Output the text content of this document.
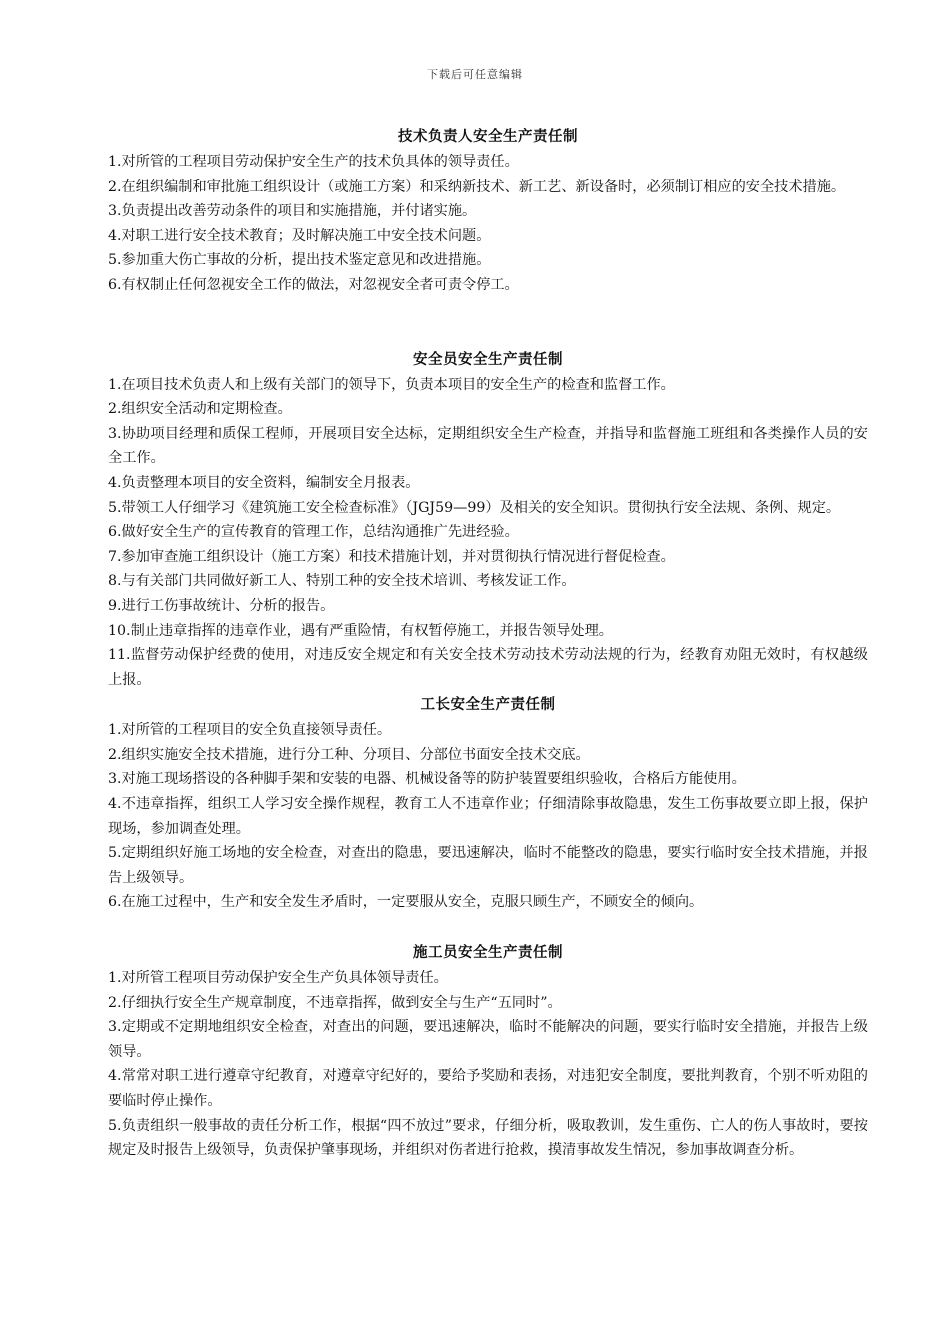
下载后可任意编辑
技术负责人安全生产责任制

1.对所管的工程项目劳动保护安全生产的技术负具体的领导责任。

2.在组织编制和审批施工组织设计（或施工方案）和采纳新技术、新工艺、新设备时，必须制订相应的安全技术措施。

3.负责提出改善劳动条件的项目和实施措施，并付诸实施。

4.对职工进行安全技术教育；及时解决施工中安全技术问题。

5.参加重大伤亡事故的分析，提出技术鉴定意见和改进措施。

6.有权制止任何忽视安全工作的做法，对忽视安全者可责令停工。

安全员安全生产责任制

1.在项目技术负责人和上级有关部门的领导下，负责本项目的安全生产的检查和监督工作。

2.组织安全活动和定期检查。

3.协助项目经理和质保工程师，开展项目安全达标，定期组织安全生产检查，并指导和监督施工班组和各类操作人员的安全工作。

4.负责整理本项目的安全资料，编制安全月报表。

5.带领工人仔细学习《建筑施工安全检查标准》（JGJ59—99）及相关的安全知识。贯彻执行安全法规、条例、规定。

6.做好安全生产的宣传教育的管理工作，总结沟通推广先进经验。

7.参加审查施工组织设计（施工方案）和技术措施计划，并对贯彻执行情况进行督促检查。

8.与有关部门共同做好新工人、特别工种的安全技术培训、考核发证工作。

9.进行工伤事故统计、分析的报告。

10.制止违章指挥的违章作业，遇有严重险情，有权暂停施工，并报告领导处理。

11.监督劳动保护经费的使用，对违反安全规定和有关安全技术劳动技术劳动法规的行为，经教育劝阻无效时，有权越级上报。

工长安全生产责任制

1.对所管的工程项目的安全负直接领导责任。

2.组织实施安全技术措施，进行分工种、分项目、分部位书面安全技术交底。

3.对施工现场搭设的各种脚手架和安装的电器、机械设备等的防护装置要组织验收，合格后方能使用。

4.不违章指挥，组织工人学习安全操作规程，教育工人不违章作业；仔细清除事故隐患，发生工伤事故要立即上报，保护现场，参加调查处理。

5.定期组织好施工场地的安全检查，对查出的隐患，要迅速解决，临时不能整改的隐患，要实行临时安全技术措施，并报告上级领导。

6.在施工过程中，生产和安全发生矛盾时，一定要服从安全，克服只顾生产，不顾安全的倾向。

施工员安全生产责任制

1.对所管工程项目劳动保护安全生产负具体领导责任。

2.仔细执行安全生产规章制度，不违章指挥，做到安全与生产“五同时”。

3.定期或不定期地组织安全检查，对查出的问题，要迅速解决，临时不能解决的问题，要实行临时安全措施，并报告上级领导。

4.常常对职工进行遵章守纪教育，对遵章守纪好的，要给予奖励和表扬，对违犯安全制度，要批判教育，个别不听劝阻的要临时停止操作。

5.负责组织一般事故的责任分析工作，根据“四不放过”要求，仔细分析，吸取教训，发生重伤、亡人的伤人事故时，要按规定及时报告上级领导，负责保护肇事现场，并组织对伤者进行抢救，摸清事故发生情况，参加事故调查分析。
